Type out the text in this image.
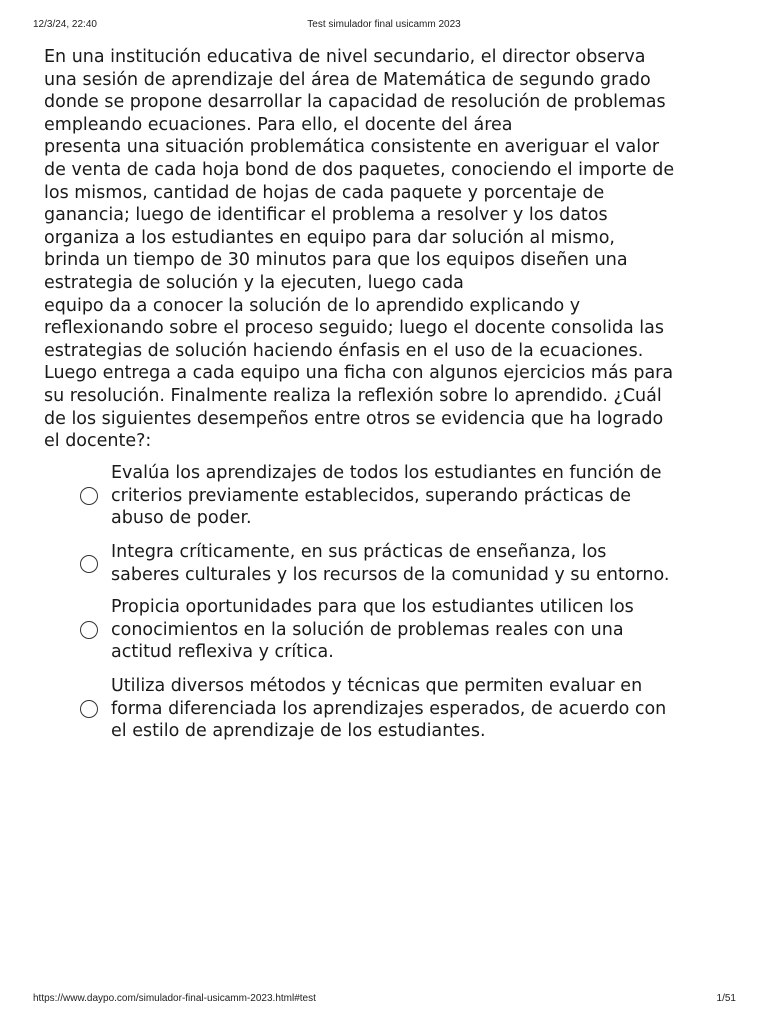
12/3/24, 22:40	Test simulador final usicamm 2023

En una institución educativa de nivel secundario, el director observa
una sesión de aprendizaje del área de Matemática de segundo grado
donde se propone desarrollar la capacidad de resolución de problemas
empleando ecuaciones. Para ello, el docente del área
presenta una situación problemática consistente en averiguar el valor
de venta de cada hoja bond de dos paquetes, conociendo el importe de
los mismos, cantidad de hojas de cada paquete y porcentaje de
ganancia; luego de identificar el problema a resolver y los datos
organiza a los estudiantes en equipo para dar solución al mismo,
brinda un tiempo de 30 minutos para que los equipos diseñen una
estrategia de solución y la ejecuten, luego cada
equipo da a conocer la solución de lo aprendido explicando y
reflexionando sobre el proceso seguido; luego el docente consolida las
estrategias de solución haciendo énfasis en el uso de la ecuaciones.
Luego entrega a cada equipo una ficha con algunos ejercicios más para
su resolución. Finalmente realiza la reflexión sobre lo aprendido. ¿Cuál
de los siguientes desempeños entre otros se evidencia que ha logrado
el docente?:

Evalúa los aprendizajes de todos los estudiantes en función de
criterios previamente establecidos, superando prácticas de
abuso de poder.
Integra críticamente, en sus prácticas de enseñanza, los
saberes culturales y los recursos de la comunidad y su entorno.
Propicia oportunidades para que los estudiantes utilicen los
conocimientos en la solución de problemas reales con una
actitud reflexiva y crítica.
Utiliza diversos métodos y técnicas que permiten evaluar en
forma diferenciada los aprendizajes esperados, de acuerdo con
el estilo de aprendizaje de los estudiantes.
https://www.daypo.com/simulador-final-usicamm-2023.html#test	1/51
